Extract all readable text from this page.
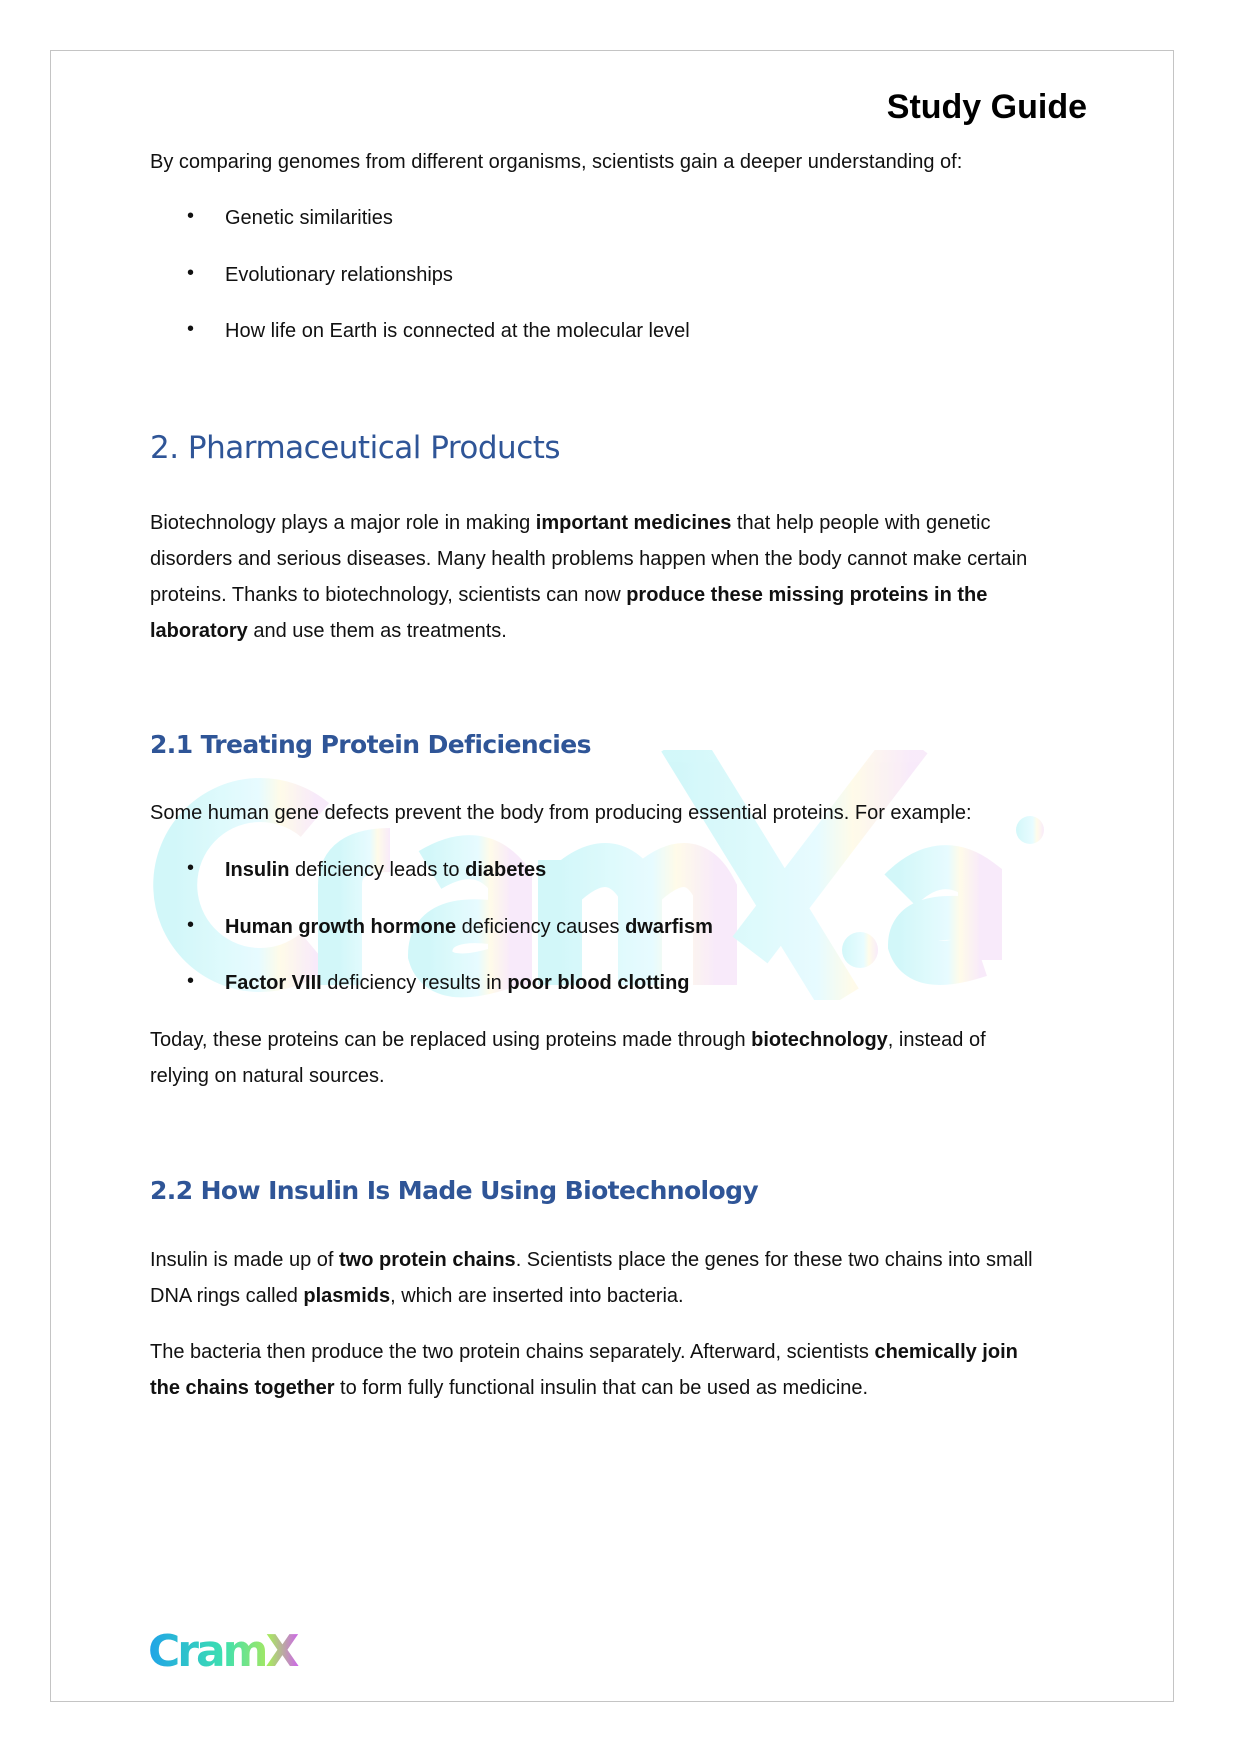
Study Guide
By comparing genomes from different organisms, scientists gain a deeper understanding of:
• Genetic similarities
• Evolutionary relationships
• How life on Earth is connected at the molecular level
2. Pharmaceutical Products
Biotechnology plays a major role in making important medicines that help people with genetic
disorders and serious diseases. Many health problems happen when the body cannot make certain
proteins. Thanks to biotechnology, scientists can now produce these missing proteins in the
laboratory and use them as treatments.
2.1 Treating Protein Deficiencies
Some human gene defects prevent the body from producing essential proteins. For example:
• Insulin deficiency leads to diabetes
• Human growth hormone deficiency causes dwarfism
• Factor VIII deficiency results in poor blood clotting
Today, these proteins can be replaced using proteins made through biotechnology, instead of
relying on natural sources.
2.2 How Insulin Is Made Using Biotechnology
Insulin is made up of two protein chains. Scientists place the genes for these two chains into small
DNA rings called plasmids, which are inserted into bacteria.
The bacteria then produce the two protein chains separately. Afterward, scientists chemically join
the chains together to form fully functional insulin that can be used as medicine.
CramX
